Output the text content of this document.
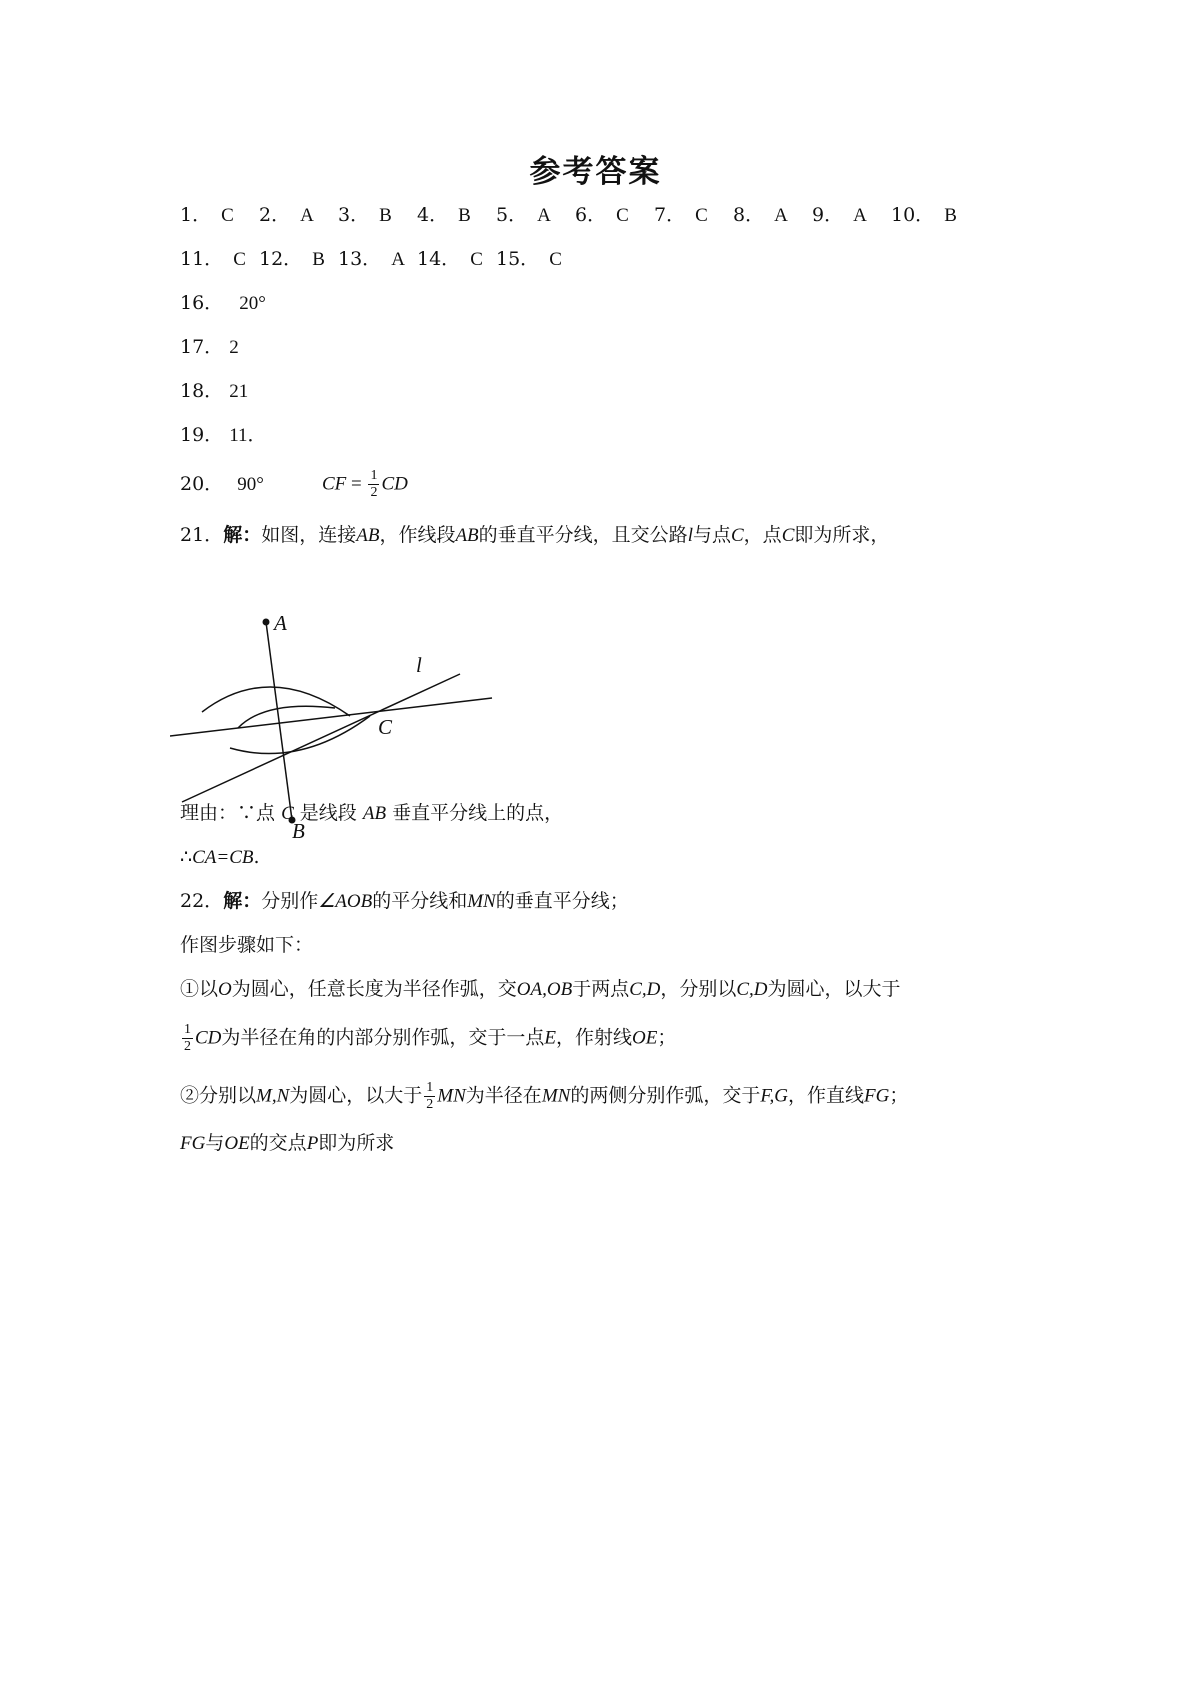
参考答案
1． C 2． A 3． B 4． B 5． A 6． C 7． C 8． A 9． A 10． B
11． C 12． B 13． A 14． C 15． C
16． 20°
17． 2
18． 21
19． 11．
20． 90°	CF = $\frac{1}{2}$ CD
21．解：如图，连接AB，作线段AB的垂直平分线，且交公路l与点C，点C即为所求，
A
B
C
l
理由：∵点 C 是线段 AB 垂直平分线上的点，
∴CA=CB.
22．解：分别作∠AOB的平分线和MN的垂直平分线；
作图步骤如下：
①以O为圆心，任意长度为半径作弧，交OA,OB于两点C,D，分别以C,D为圆心，以大于
$\frac{1}{2}$ CD为半径在角的内部分别作弧，交于一点E，作射线OE；
②分别以M,N为圆心，以大于 $\frac{1}{2}$ MN为半径在MN的两侧分别作弧，交于F,G，作直线FG；
FG与OE的交点P即为所求
